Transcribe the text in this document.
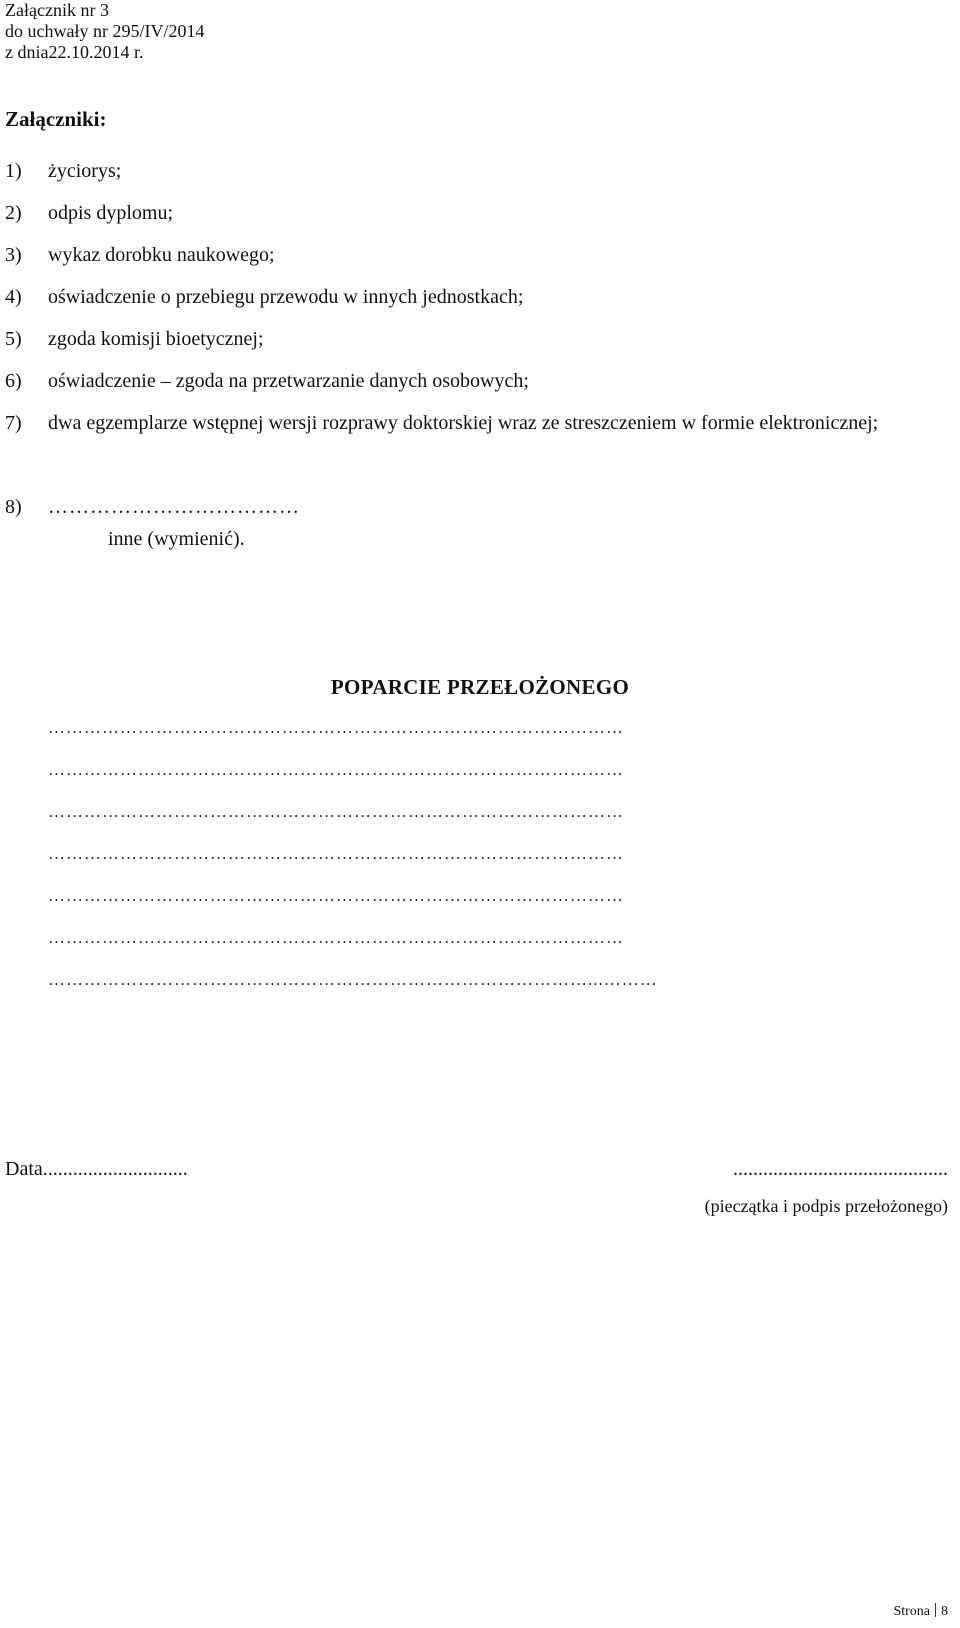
Załącznik nr 3
do uchwały nr 295/IV/2014
z dnia22.10.2014 r.
Załączniki:
1) życiorys;
2) odpis dyplomu;
3) wykaz dorobku naukowego;
4) oświadczenie o przebiegu przewodu w innych jednostkach;
5) zgoda komisji bioetycznej;
6) oświadczenie – zgoda na przetwarzanie danych osobowych;
7) dwa egzemplarze wstępnej wersji rozprawy doktorskiej wraz ze streszczeniem w formie elektronicznej;
8) ………………………………
inne (wymienić).
POPARCIE PRZEŁOŻONEGO
……………………………………………………………………………………
……………………………………………………………………………………
……………………………………………………………………………………
……………………………………………………………………………………
……………………………………………………………………………………
……………………………………………………………………………………
………………………………………………………………………………...………
Data.............................	...........................................
(pieczątka i podpis przełożonego)
Strona 8
